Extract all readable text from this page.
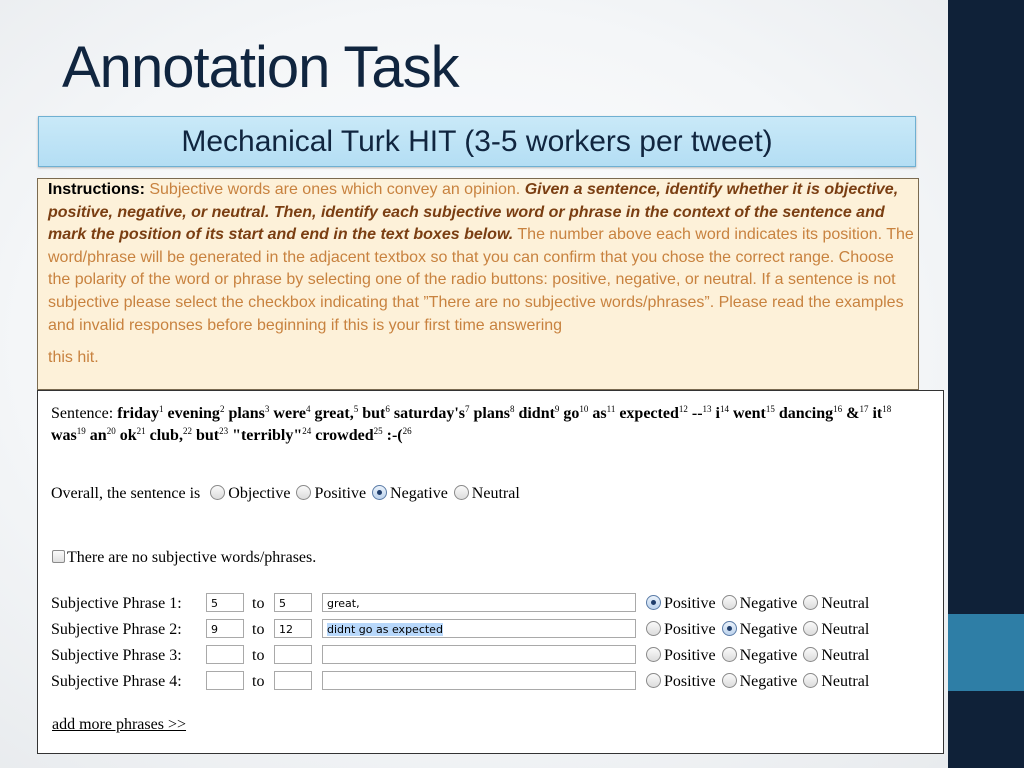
Annotation Task
Mechanical Turk HIT (3-5 workers per tweet)
Instructions: Subjective words are ones which convey an opinion. Given a sentence, identify whether it is objective, positive, negative, or neutral. Then, identify each subjective word or phrase in the context of the sentence and mark the position of its start and end in the text boxes below. The number above each word indicates its position. The word/phrase will be generated in the adjacent textbox so that you can confirm that you chose the correct range. Choose the polarity of the word or phrase by selecting one of the radio buttons: positive, negative, or neutral. If a sentence is not subjective please select the checkbox indicating that ”There are no subjective words/phrases”. Please read the examples and invalid responses before beginning if this is your first time answering
this hit.
Sentence: friday$^1$ evening$^2$ plans$^3$ were$^4$ great,$^5$ but$^6$ $saturday's^7$ plans$^8$ didnt$^9$ $go^{10}$ $as^{11}$ expected$^{12}$ --$^{13}$ $i^{14}$ went$^{15}$ dancing$^{16}$ &$^{17}$ $it^{18}$ was$^{19}$ $an^{20}$ $ok^{21}$ club,$^{22}$ but$^{23}$ "terribly"$^{24}$ crowded$^{25}$ :-($^{26}$
Overall, the sentence is Objective Positive Negative Neutral
There are no subjective words/phrases.
Subjective Phrase 1:	5	to	5	great,	Positive Negative Neutral
Subjective Phrase 2:	9	to	12	didnt go as expected	Positive Negative Neutral
Subjective Phrase 3:	to	Positive Negative Neutral
Subjective Phrase 4:	to	Positive Negative Neutral
add more phrases >>
